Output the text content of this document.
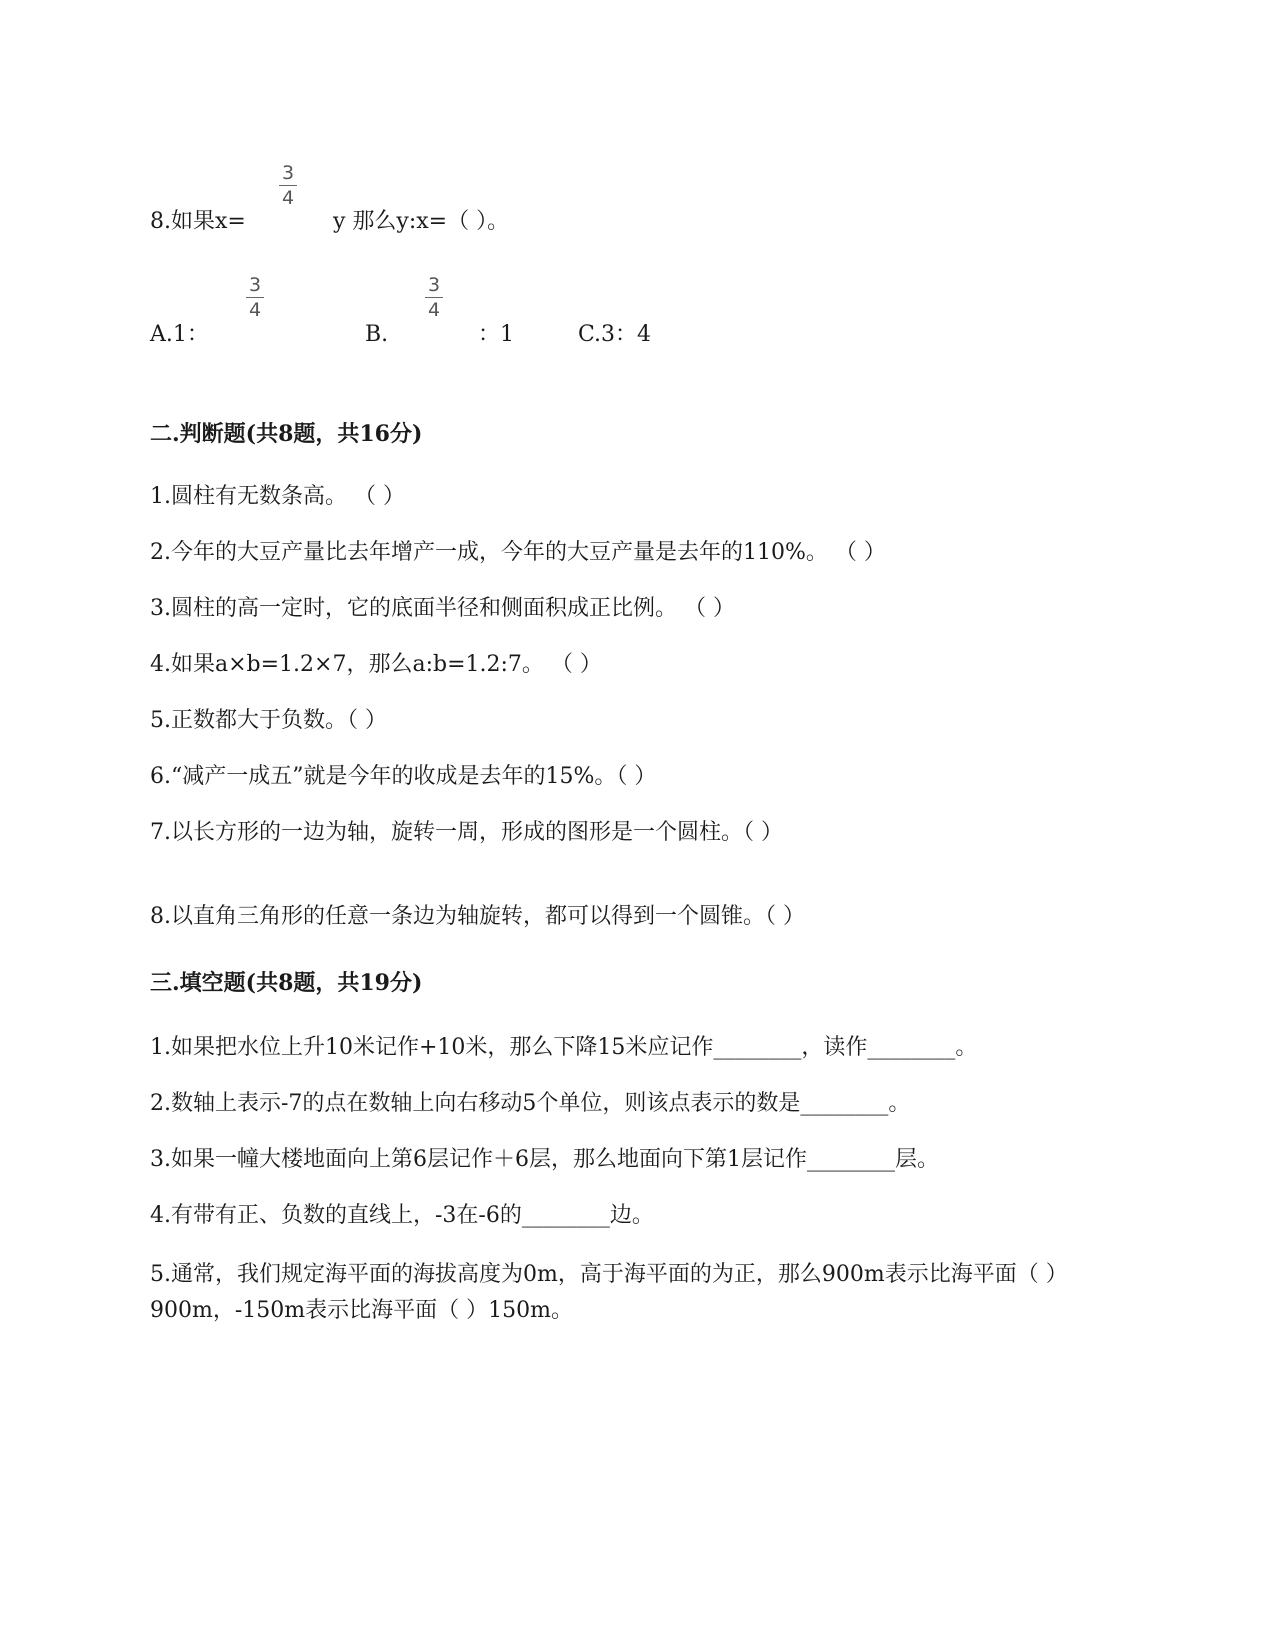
8.如果x=
3
4
y 那么y:x=（ ）。
A.1：
3
4
B.
3
4
：1	C.3：4
二.判断题(共8题，共16分)
1.圆柱有无数条高。 （ ）
2.今年的大豆产量比去年增产一成，今年的大豆产量是去年的110%。 （ ）
3.圆柱的高一定时，它的底面半径和侧面积成正比例。 （ ）
4.如果a×b=1.2×7，那么a:b=1.2:7。 （ ）
5.正数都大于负数。（ ）
6.“减产一成五”就是今年的收成是去年的15%。（ ）
7.以长方形的一边为轴，旋转一周，形成的图形是一个圆柱。（ ）
8.以直角三角形的任意一条边为轴旋转，都可以得到一个圆锥。（ ）
三.填空题(共8题，共19分)
1.如果把水位上升10米记作+10米，那么下降15米应记作________，读作________。
2.数轴上表示-7的点在数轴上向右移动5个单位，则该点表示的数是________。
3.如果一幢大楼地面向上第6层记作＋6层，那么地面向下第1层记作________层。
4.有带有正、负数的直线上，-3在-6的________边。
5.通常，我们规定海平面的海拔高度为0m，高于海平面的为正，那么900m表示比海平面（ ）900m，-150m表示比海平面（ ）150m。
